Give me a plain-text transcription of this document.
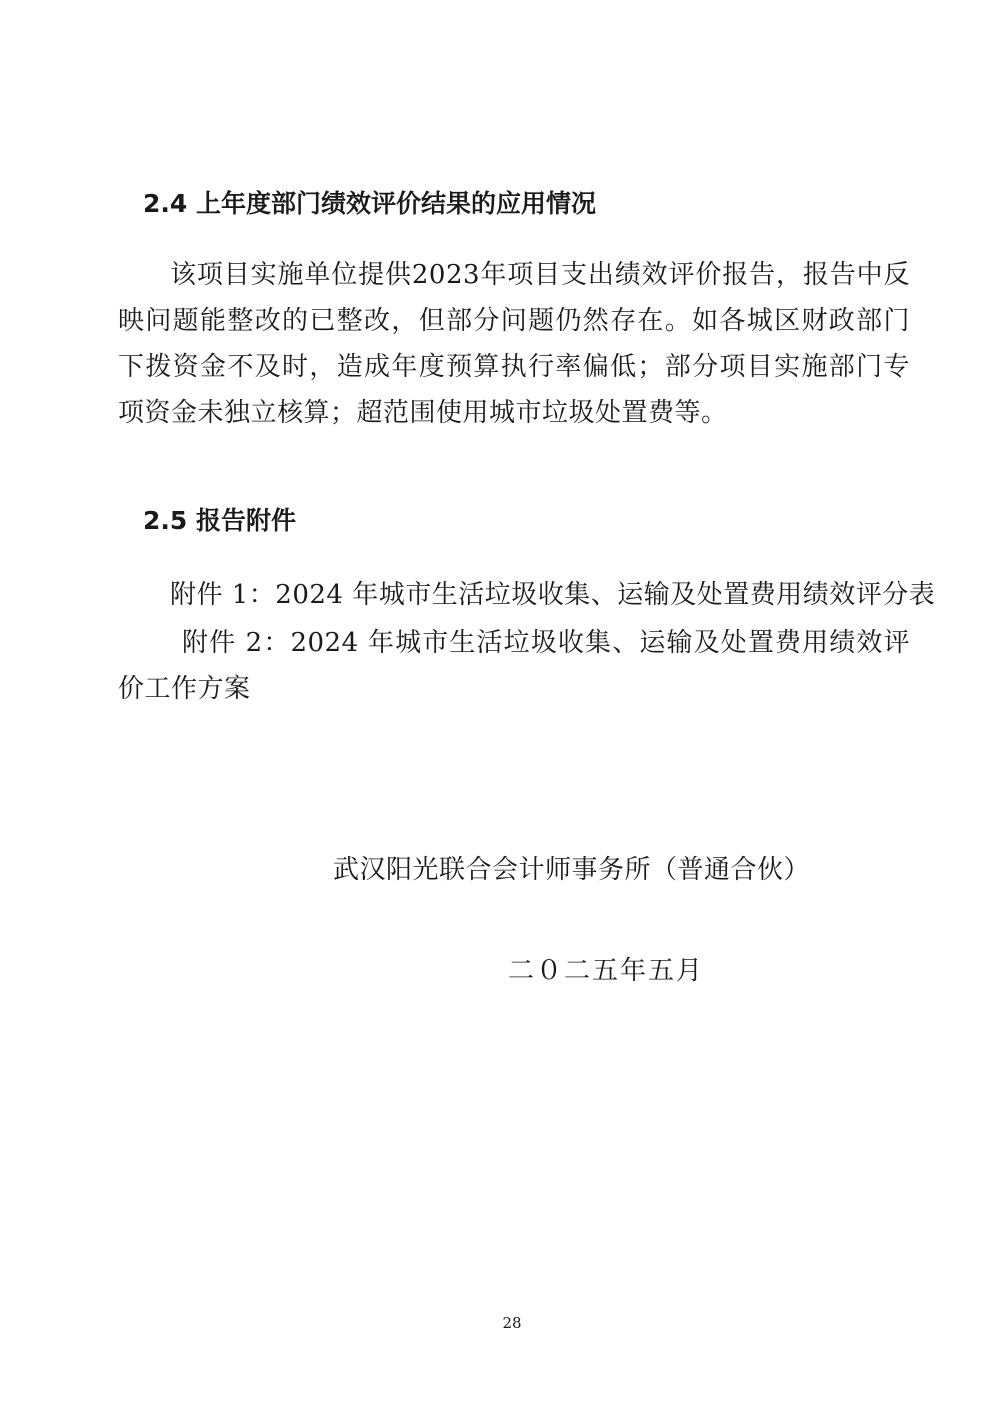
2.4 上年度部门绩效评价结果的应用情况

该项目实施单位提供2023年项目支出绩效评价报告，报告中反映问题能整改的已整改，但部分问题仍然存在。如各城区财政部门下拨资金不及时，造成年度预算执行率偏低；部分项目实施部门专项资金未独立核算；超范围使用城市垃圾处置费等。

2.5 报告附件
附件 1：2024 年城市生活垃圾收集、运输及处置费用绩效评分表
附件 2：2024 年城市生活垃圾收集、运输及处置费用绩效评价工作方案
武汉阳光联合会计师事务所（普通合伙）
二０二五年五月
28
